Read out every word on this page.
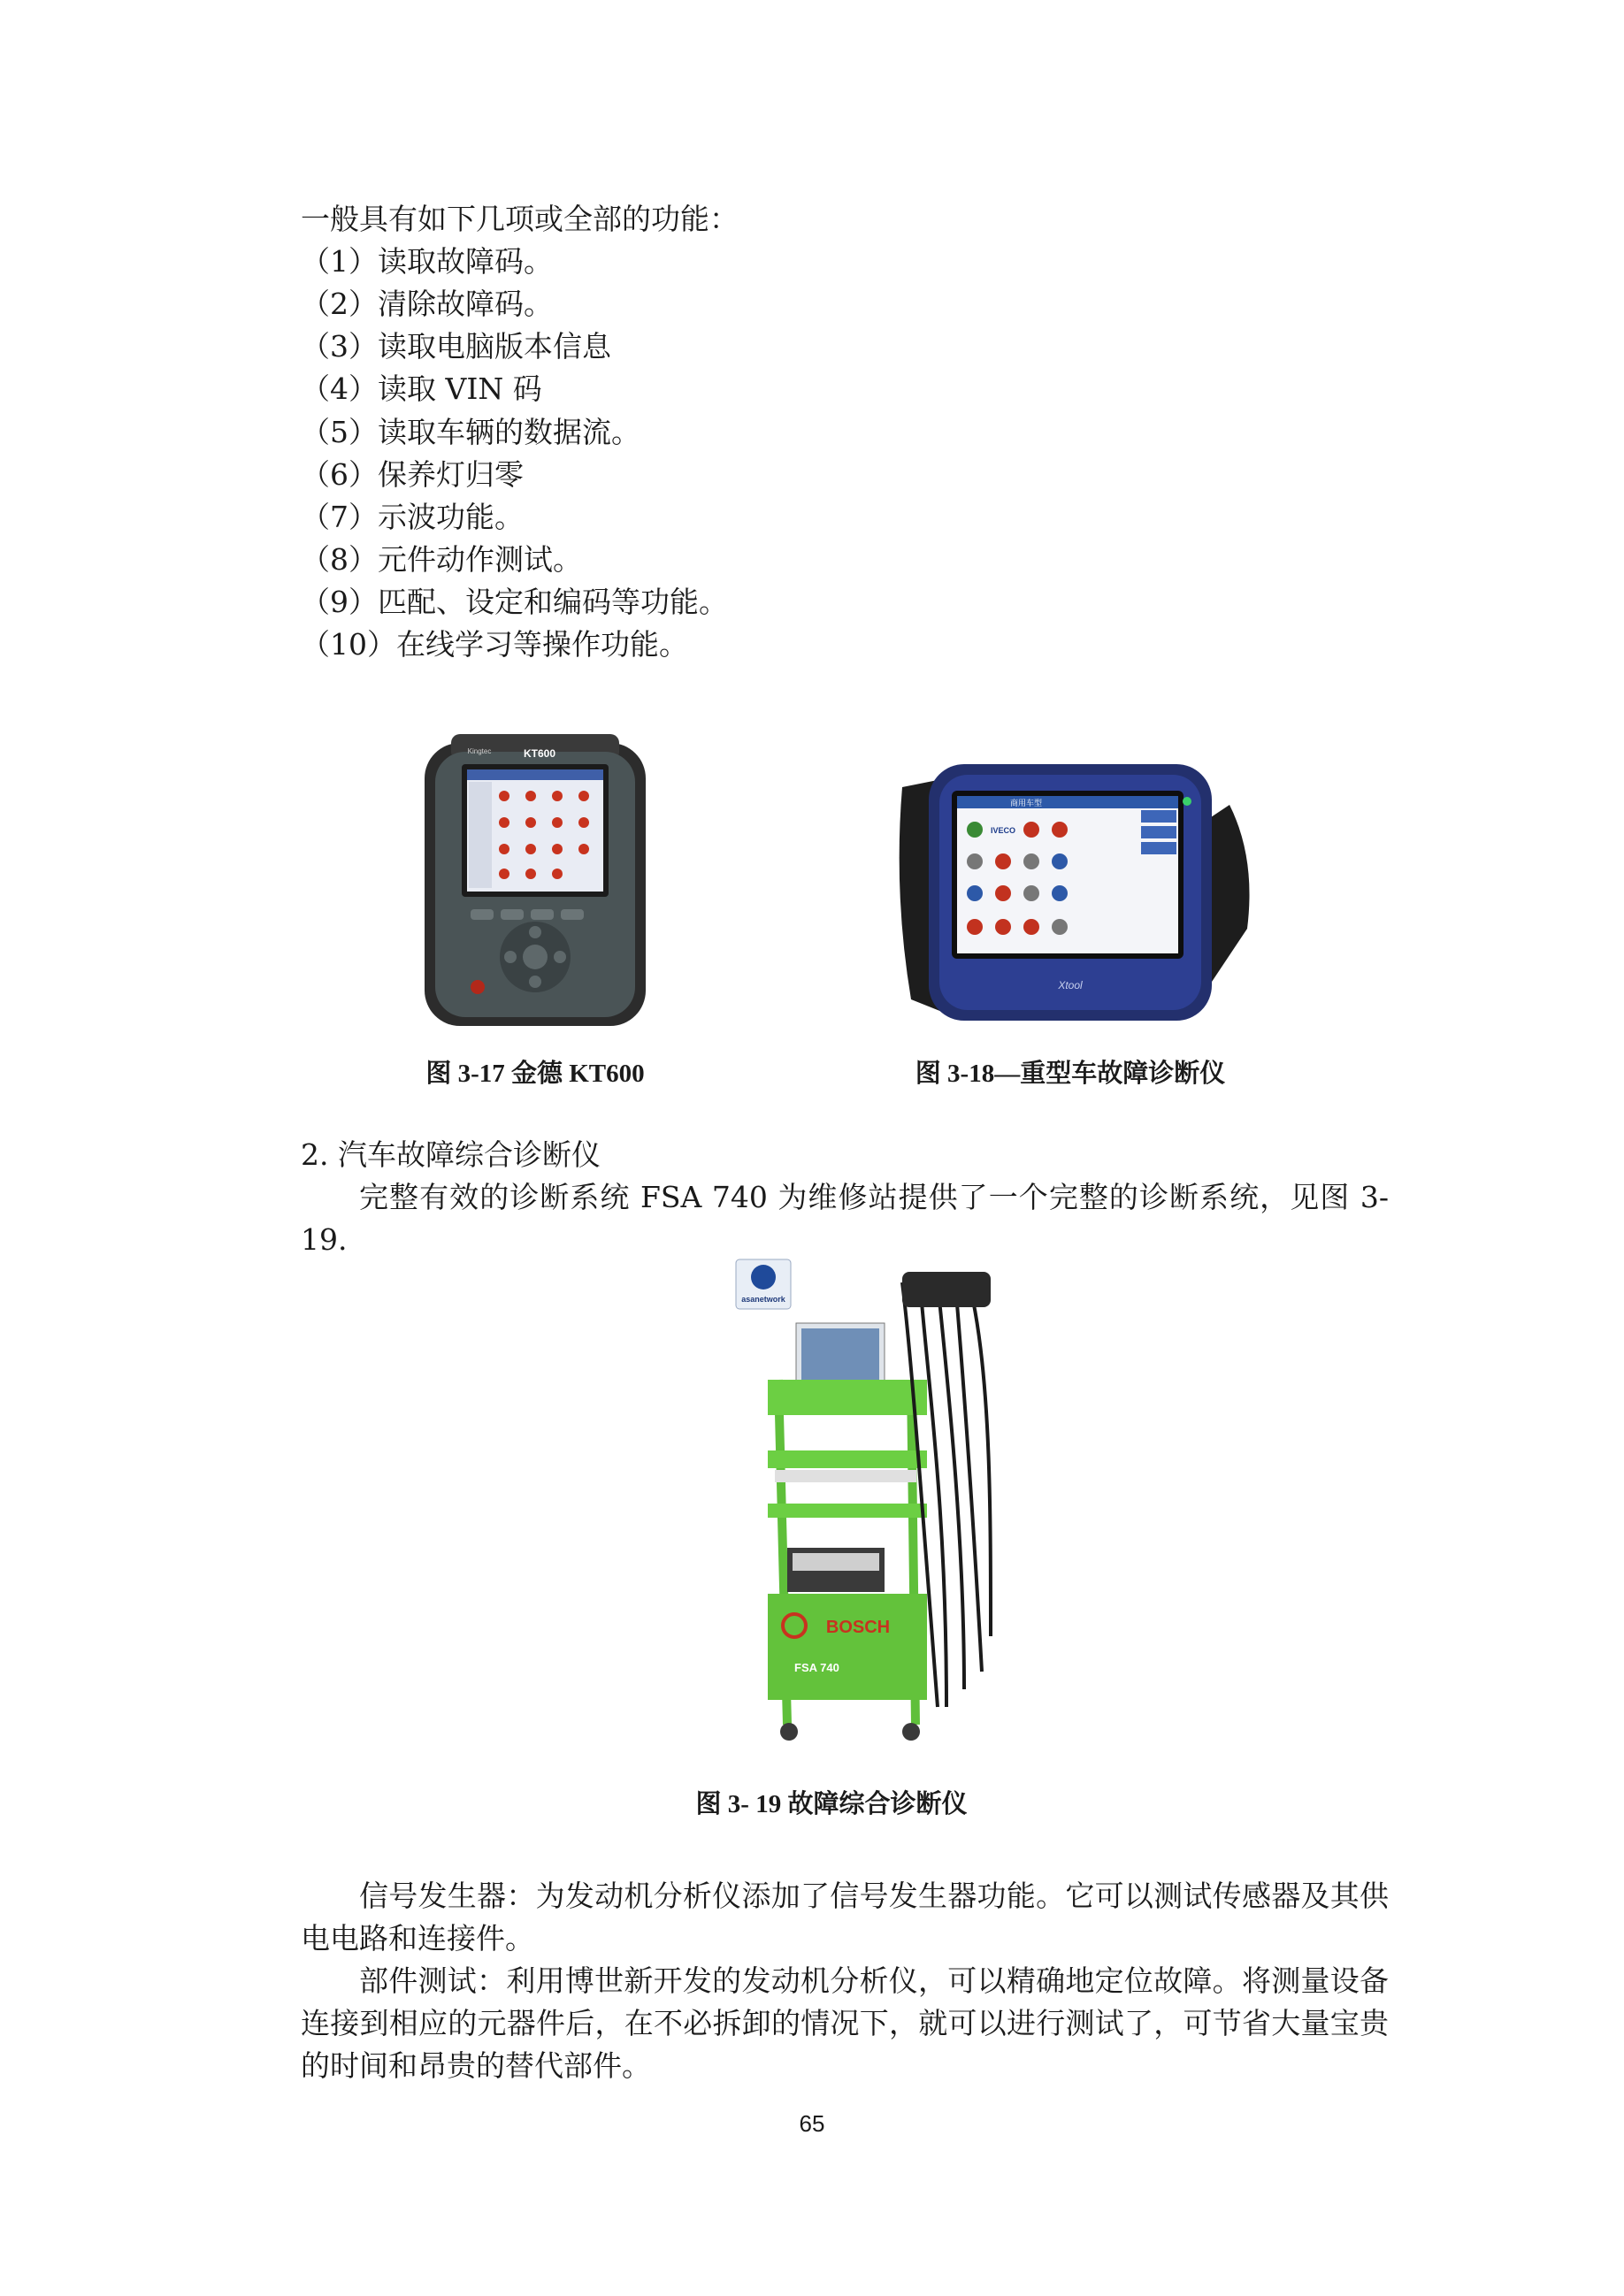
一般具有如下几项或全部的功能：
（1）读取故障码。
（2）清除故障码。
（3）读取电脑版本信息
（4）读取 VIN 码
（5）读取车辆的数据流。
（6）保养灯归零
（7）示波功能。
（8）元件动作测试。
（9）匹配、设定和编码等功能。
（10）在线学习等操作功能。
KT600
Kingtec
图 3-17 金德 KT600
商用车型
IVECO
Xtool
图 3-18—重型车故障诊断仪
2. 汽车故障综合诊断仪
完整有效的诊断系统 FSA 740 为维修站提供了一个完整的诊断系统，见图 3-19.
asanetwork
BOSCH
FSA 740
图 3- 19 故障综合诊断仪
信号发生器：为发动机分析仪添加了信号发生器功能。它可以测试传感器及其供电电路和连接件。
部件测试：利用博世新开发的发动机分析仪，可以精确地定位故障。将测量设备连接到相应的元器件后，在不必拆卸的情况下，就可以进行测试了，可节省大量宝贵的时间和昂贵的替代部件。
65
